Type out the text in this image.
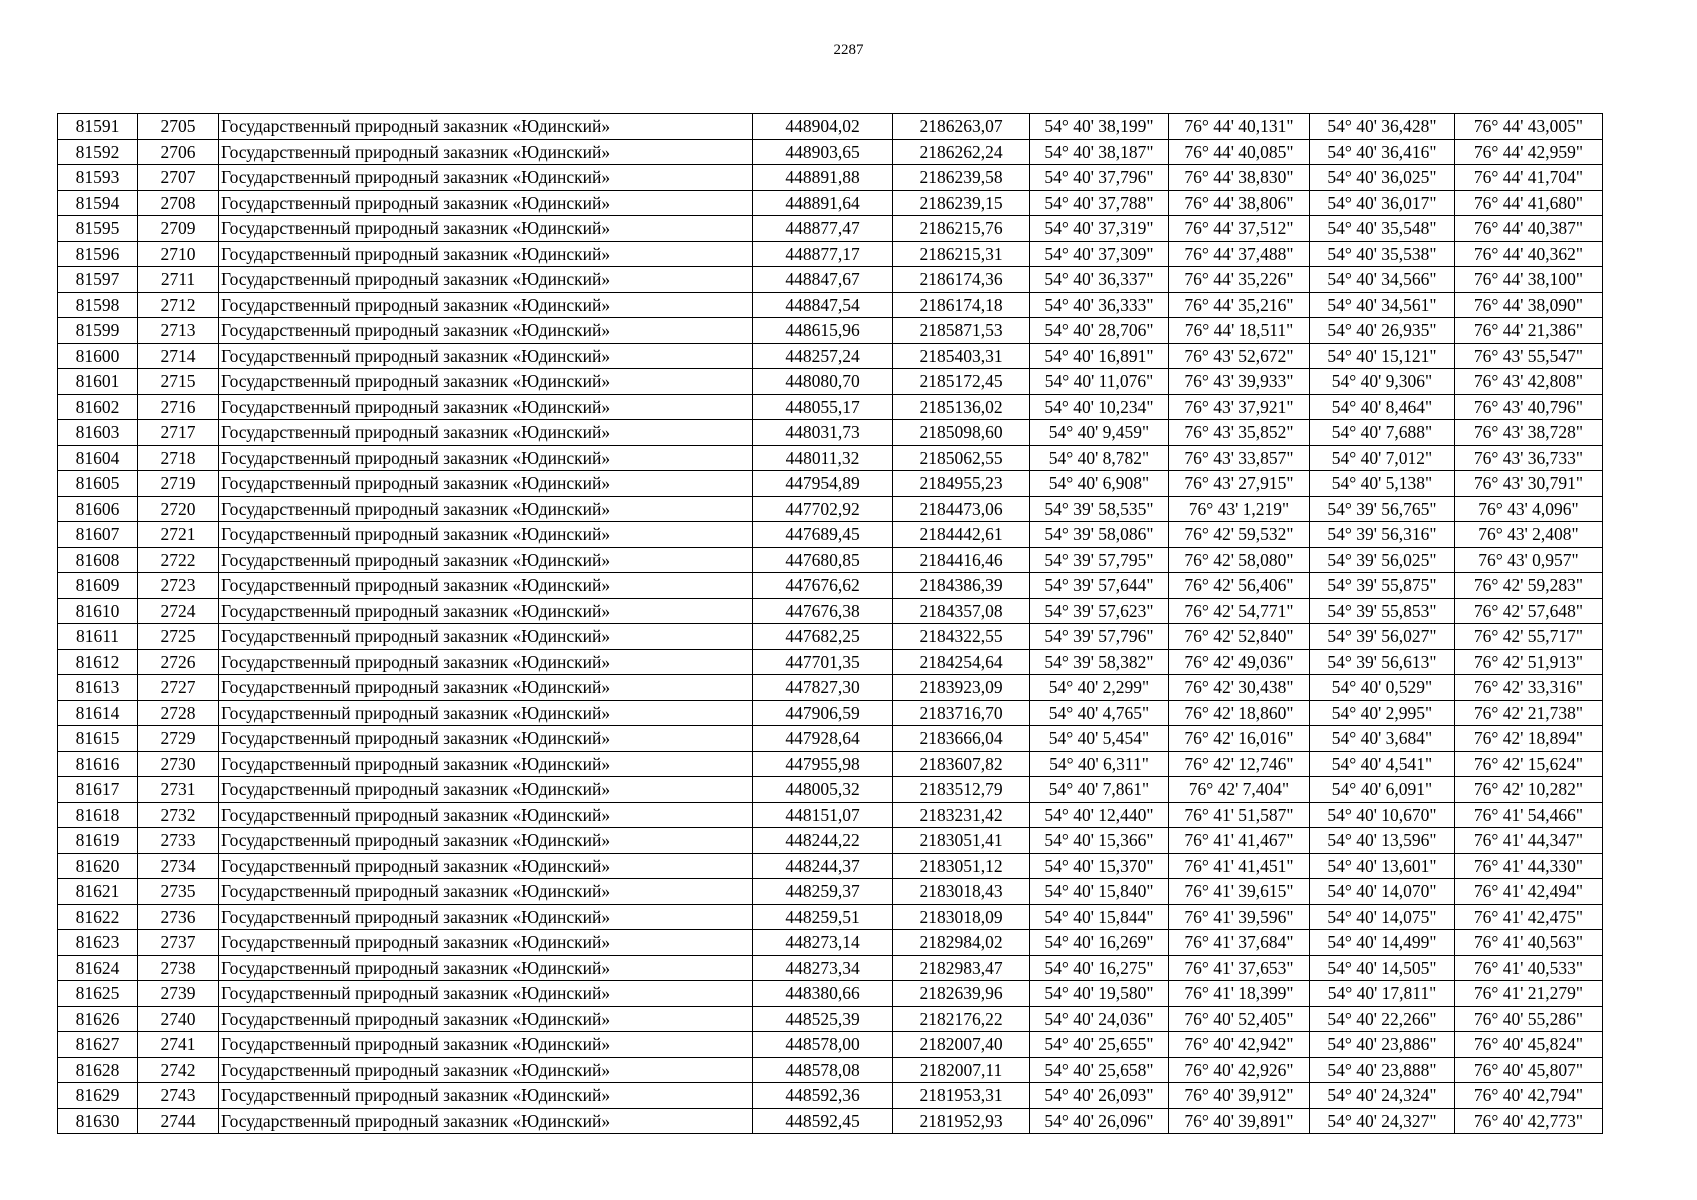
2287
81591	2705	Государственный природный заказник «Юдинский»	448904,02	2186263,07	54° 40' 38,199"	76° 44' 40,131"	54° 40' 36,428"	76° 44' 43,005"
81592	2706	Государственный природный заказник «Юдинский»	448903,65	2186262,24	54° 40' 38,187"	76° 44' 40,085"	54° 40' 36,416"	76° 44' 42,959"
81593	2707	Государственный природный заказник «Юдинский»	448891,88	2186239,58	54° 40' 37,796"	76° 44' 38,830"	54° 40' 36,025"	76° 44' 41,704"
81594	2708	Государственный природный заказник «Юдинский»	448891,64	2186239,15	54° 40' 37,788"	76° 44' 38,806"	54° 40' 36,017"	76° 44' 41,680"
81595	2709	Государственный природный заказник «Юдинский»	448877,47	2186215,76	54° 40' 37,319"	76° 44' 37,512"	54° 40' 35,548"	76° 44' 40,387"
81596	2710	Государственный природный заказник «Юдинский»	448877,17	2186215,31	54° 40' 37,309"	76° 44' 37,488"	54° 40' 35,538"	76° 44' 40,362"
81597	2711	Государственный природный заказник «Юдинский»	448847,67	2186174,36	54° 40' 36,337"	76° 44' 35,226"	54° 40' 34,566"	76° 44' 38,100"
81598	2712	Государственный природный заказник «Юдинский»	448847,54	2186174,18	54° 40' 36,333"	76° 44' 35,216"	54° 40' 34,561"	76° 44' 38,090"
81599	2713	Государственный природный заказник «Юдинский»	448615,96	2185871,53	54° 40' 28,706"	76° 44' 18,511"	54° 40' 26,935"	76° 44' 21,386"
81600	2714	Государственный природный заказник «Юдинский»	448257,24	2185403,31	54° 40' 16,891"	76° 43' 52,672"	54° 40' 15,121"	76° 43' 55,547"
81601	2715	Государственный природный заказник «Юдинский»	448080,70	2185172,45	54° 40' 11,076"	76° 43' 39,933"	54° 40' 9,306"	76° 43' 42,808"
81602	2716	Государственный природный заказник «Юдинский»	448055,17	2185136,02	54° 40' 10,234"	76° 43' 37,921"	54° 40' 8,464"	76° 43' 40,796"
81603	2717	Государственный природный заказник «Юдинский»	448031,73	2185098,60	54° 40' 9,459"	76° 43' 35,852"	54° 40' 7,688"	76° 43' 38,728"
81604	2718	Государственный природный заказник «Юдинский»	448011,32	2185062,55	54° 40' 8,782"	76° 43' 33,857"	54° 40' 7,012"	76° 43' 36,733"
81605	2719	Государственный природный заказник «Юдинский»	447954,89	2184955,23	54° 40' 6,908"	76° 43' 27,915"	54° 40' 5,138"	76° 43' 30,791"
81606	2720	Государственный природный заказник «Юдинский»	447702,92	2184473,06	54° 39' 58,535"	76° 43' 1,219"	54° 39' 56,765"	76° 43' 4,096"
81607	2721	Государственный природный заказник «Юдинский»	447689,45	2184442,61	54° 39' 58,086"	76° 42' 59,532"	54° 39' 56,316"	76° 43' 2,408"
81608	2722	Государственный природный заказник «Юдинский»	447680,85	2184416,46	54° 39' 57,795"	76° 42' 58,080"	54° 39' 56,025"	76° 43' 0,957"
81609	2723	Государственный природный заказник «Юдинский»	447676,62	2184386,39	54° 39' 57,644"	76° 42' 56,406"	54° 39' 55,875"	76° 42' 59,283"
81610	2724	Государственный природный заказник «Юдинский»	447676,38	2184357,08	54° 39' 57,623"	76° 42' 54,771"	54° 39' 55,853"	76° 42' 57,648"
81611	2725	Государственный природный заказник «Юдинский»	447682,25	2184322,55	54° 39' 57,796"	76° 42' 52,840"	54° 39' 56,027"	76° 42' 55,717"
81612	2726	Государственный природный заказник «Юдинский»	447701,35	2184254,64	54° 39' 58,382"	76° 42' 49,036"	54° 39' 56,613"	76° 42' 51,913"
81613	2727	Государственный природный заказник «Юдинский»	447827,30	2183923,09	54° 40' 2,299"	76° 42' 30,438"	54° 40' 0,529"	76° 42' 33,316"
81614	2728	Государственный природный заказник «Юдинский»	447906,59	2183716,70	54° 40' 4,765"	76° 42' 18,860"	54° 40' 2,995"	76° 42' 21,738"
81615	2729	Государственный природный заказник «Юдинский»	447928,64	2183666,04	54° 40' 5,454"	76° 42' 16,016"	54° 40' 3,684"	76° 42' 18,894"
81616	2730	Государственный природный заказник «Юдинский»	447955,98	2183607,82	54° 40' 6,311"	76° 42' 12,746"	54° 40' 4,541"	76° 42' 15,624"
81617	2731	Государственный природный заказник «Юдинский»	448005,32	2183512,79	54° 40' 7,861"	76° 42' 7,404"	54° 40' 6,091"	76° 42' 10,282"
81618	2732	Государственный природный заказник «Юдинский»	448151,07	2183231,42	54° 40' 12,440"	76° 41' 51,587"	54° 40' 10,670"	76° 41' 54,466"
81619	2733	Государственный природный заказник «Юдинский»	448244,22	2183051,41	54° 40' 15,366"	76° 41' 41,467"	54° 40' 13,596"	76° 41' 44,347"
81620	2734	Государственный природный заказник «Юдинский»	448244,37	2183051,12	54° 40' 15,370"	76° 41' 41,451"	54° 40' 13,601"	76° 41' 44,330"
81621	2735	Государственный природный заказник «Юдинский»	448259,37	2183018,43	54° 40' 15,840"	76° 41' 39,615"	54° 40' 14,070"	76° 41' 42,494"
81622	2736	Государственный природный заказник «Юдинский»	448259,51	2183018,09	54° 40' 15,844"	76° 41' 39,596"	54° 40' 14,075"	76° 41' 42,475"
81623	2737	Государственный природный заказник «Юдинский»	448273,14	2182984,02	54° 40' 16,269"	76° 41' 37,684"	54° 40' 14,499"	76° 41' 40,563"
81624	2738	Государственный природный заказник «Юдинский»	448273,34	2182983,47	54° 40' 16,275"	76° 41' 37,653"	54° 40' 14,505"	76° 41' 40,533"
81625	2739	Государственный природный заказник «Юдинский»	448380,66	2182639,96	54° 40' 19,580"	76° 41' 18,399"	54° 40' 17,811"	76° 41' 21,279"
81626	2740	Государственный природный заказник «Юдинский»	448525,39	2182176,22	54° 40' 24,036"	76° 40' 52,405"	54° 40' 22,266"	76° 40' 55,286"
81627	2741	Государственный природный заказник «Юдинский»	448578,00	2182007,40	54° 40' 25,655"	76° 40' 42,942"	54° 40' 23,886"	76° 40' 45,824"
81628	2742	Государственный природный заказник «Юдинский»	448578,08	2182007,11	54° 40' 25,658"	76° 40' 42,926"	54° 40' 23,888"	76° 40' 45,807"
81629	2743	Государственный природный заказник «Юдинский»	448592,36	2181953,31	54° 40' 26,093"	76° 40' 39,912"	54° 40' 24,324"	76° 40' 42,794"
81630	2744	Государственный природный заказник «Юдинский»	448592,45	2181952,93	54° 40' 26,096"	76° 40' 39,891"	54° 40' 24,327"	76° 40' 42,773"
